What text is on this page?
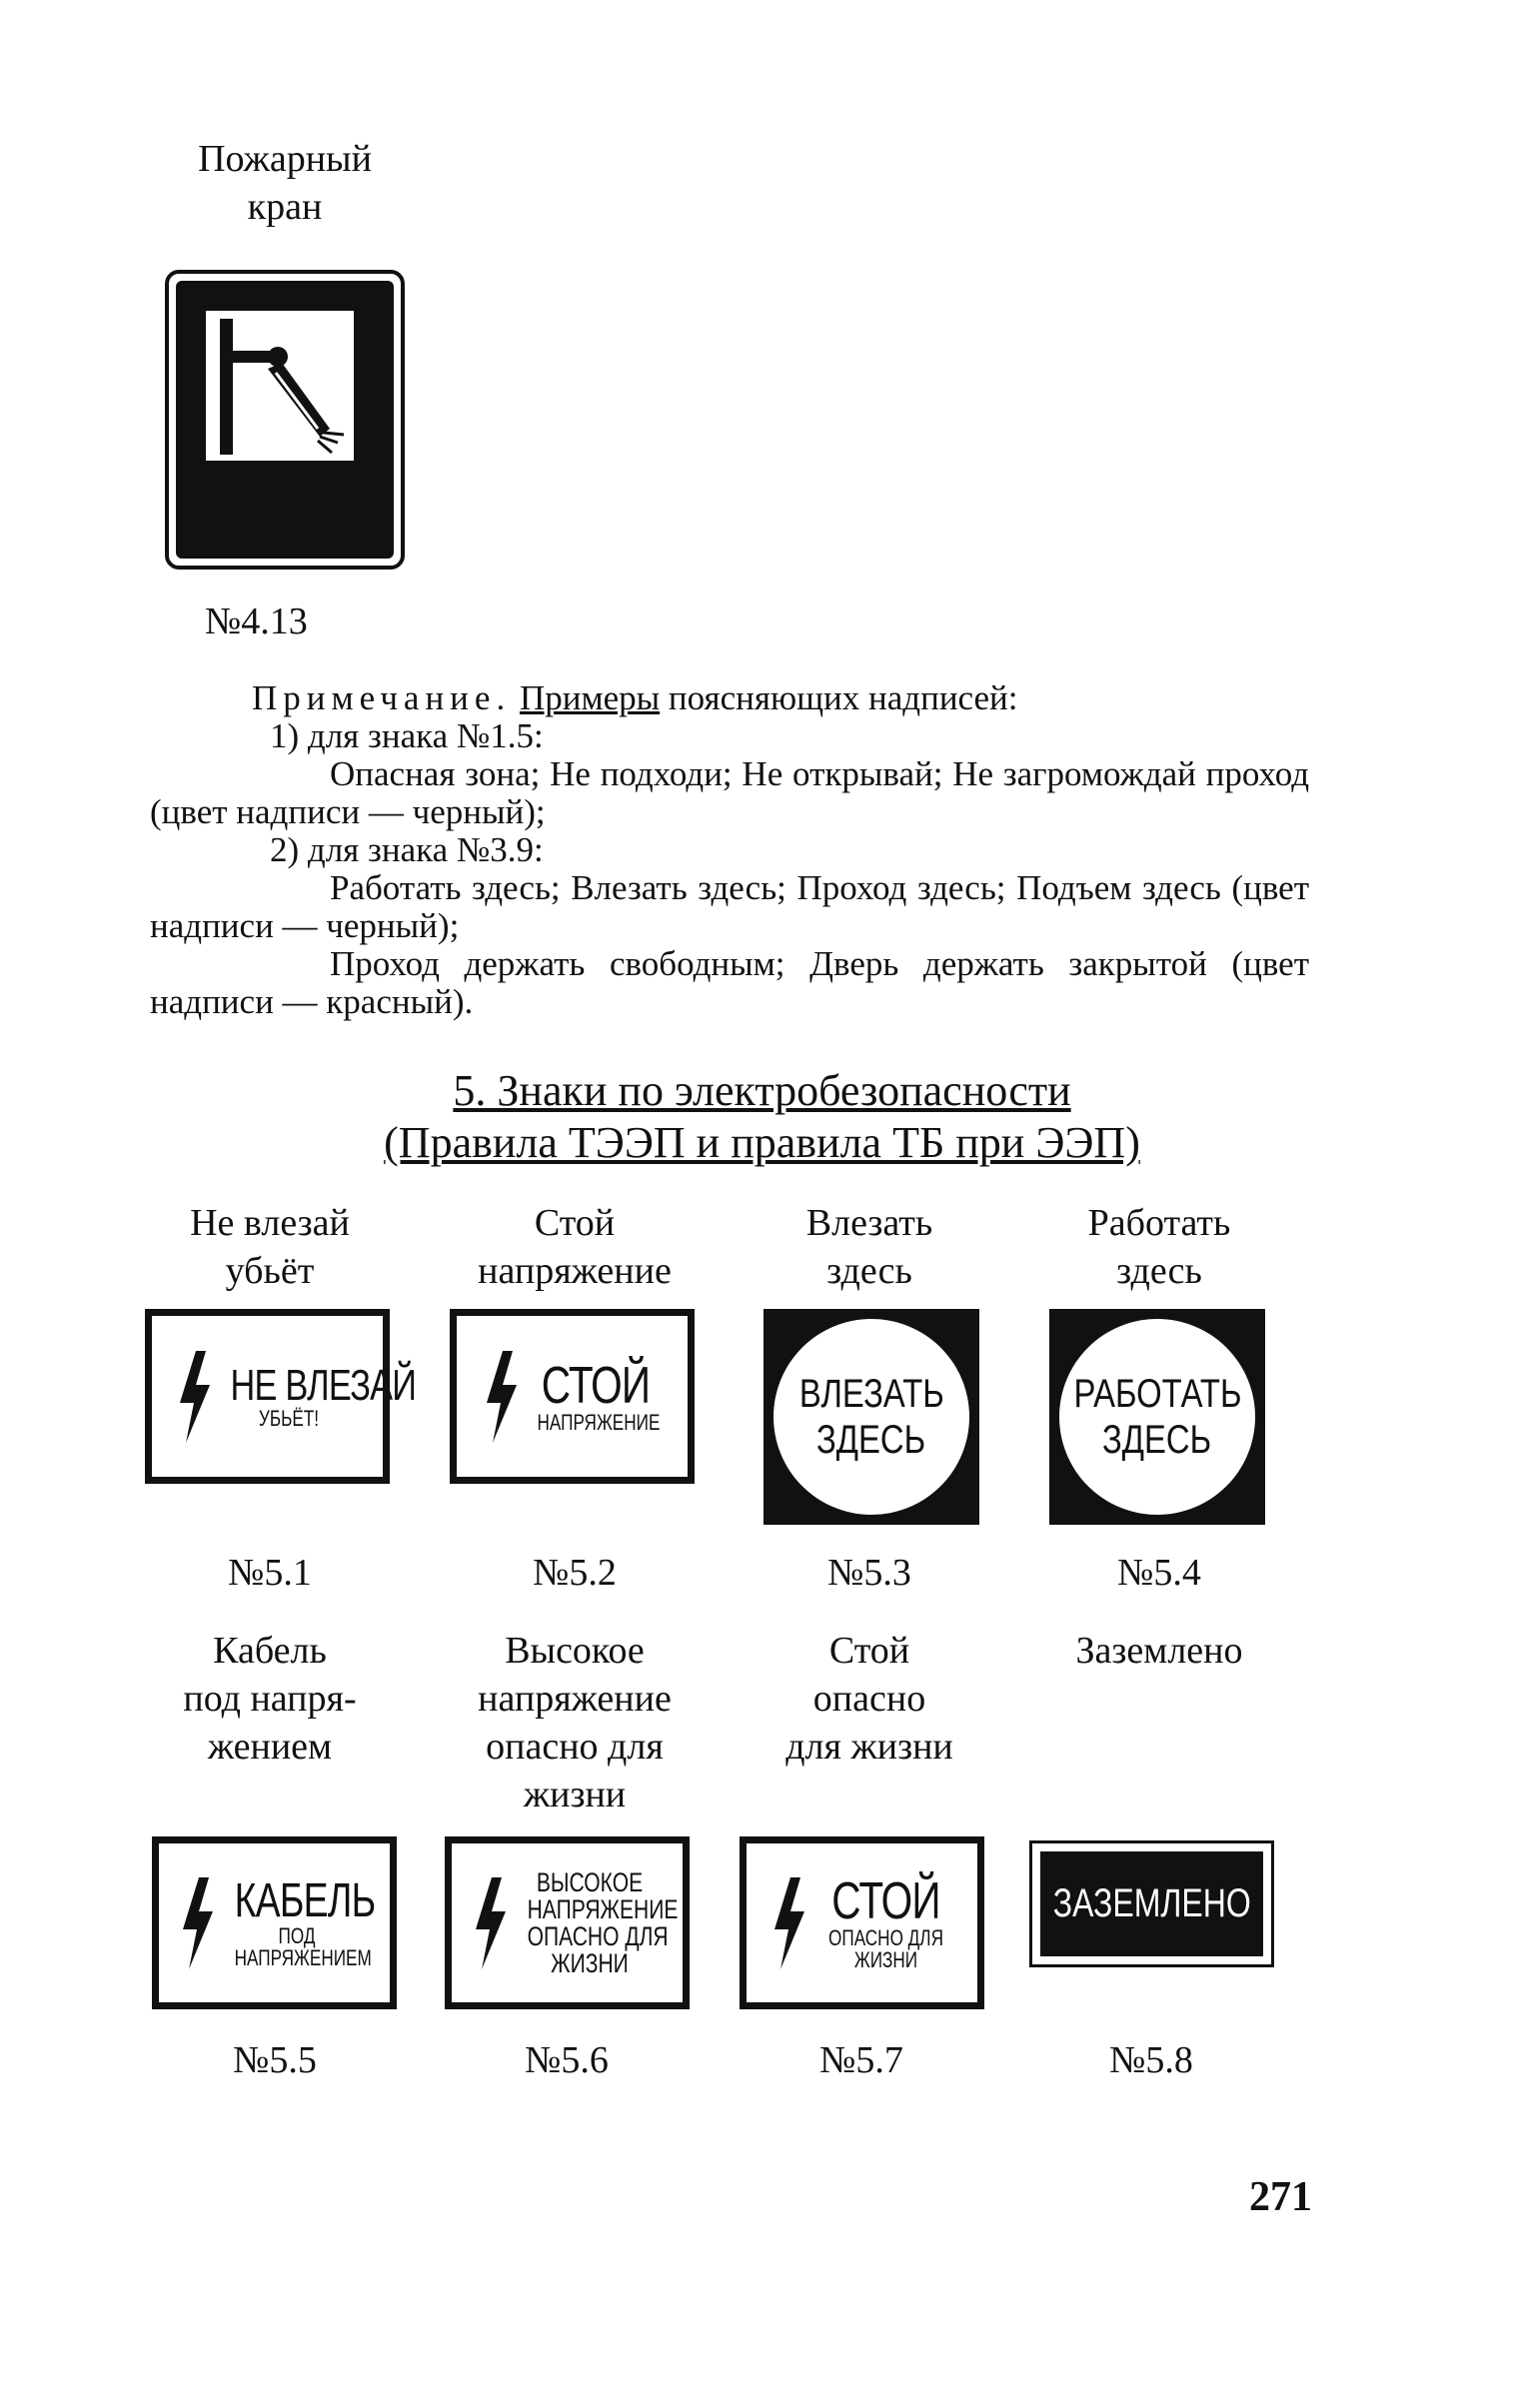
Пожарный
кран
№4.13
Примечание. Примеры поясняющих надписей:
1) для знака №1.5:
Опасная зона; Не подходи; Не открывай; Не загромождай проход (цвет надписи — черный);
2) для знака №3.9:
Работать здесь; Влезать здесь; Проход здесь; Подъем здесь (цвет надписи — черный);
Проход держать свободным; Дверь держать закрытой (цвет надписи — красный).
5. Знаки по электробезопасности
(Правила ТЭЭП и правила ТБ при ЭЭП)
Не влезай
убьёт
Стой
напряжение
Влезать
здесь
Работать
здесь
НЕ ВЛЕЗАЙ
УБЬЁТ!
СТОЙ
НАПРЯЖЕНИЕ
ВЛЕЗАТЬ
ЗДЕСЬ
РАБОТАТЬ
ЗДЕСЬ
№5.1	№5.2	№5.3	№5.4
Кабель
под напря-
жением
Высокое
напряжение
опасно для
жизни
Стой
опасно
для жизни
Заземлено
КАБЕЛЬ
ПОД
НАПРЯЖЕНИЕМ
ВЫСОКОЕ
НАПРЯЖЕНИЕ
ОПАСНО ДЛЯ
ЖИЗНИ
СТОЙ
ОПАСНО ДЛЯ
ЖИЗНИ
ЗАЗЕМЛЕНО
№5.5	№5.6	№5.7	№5.8
271
